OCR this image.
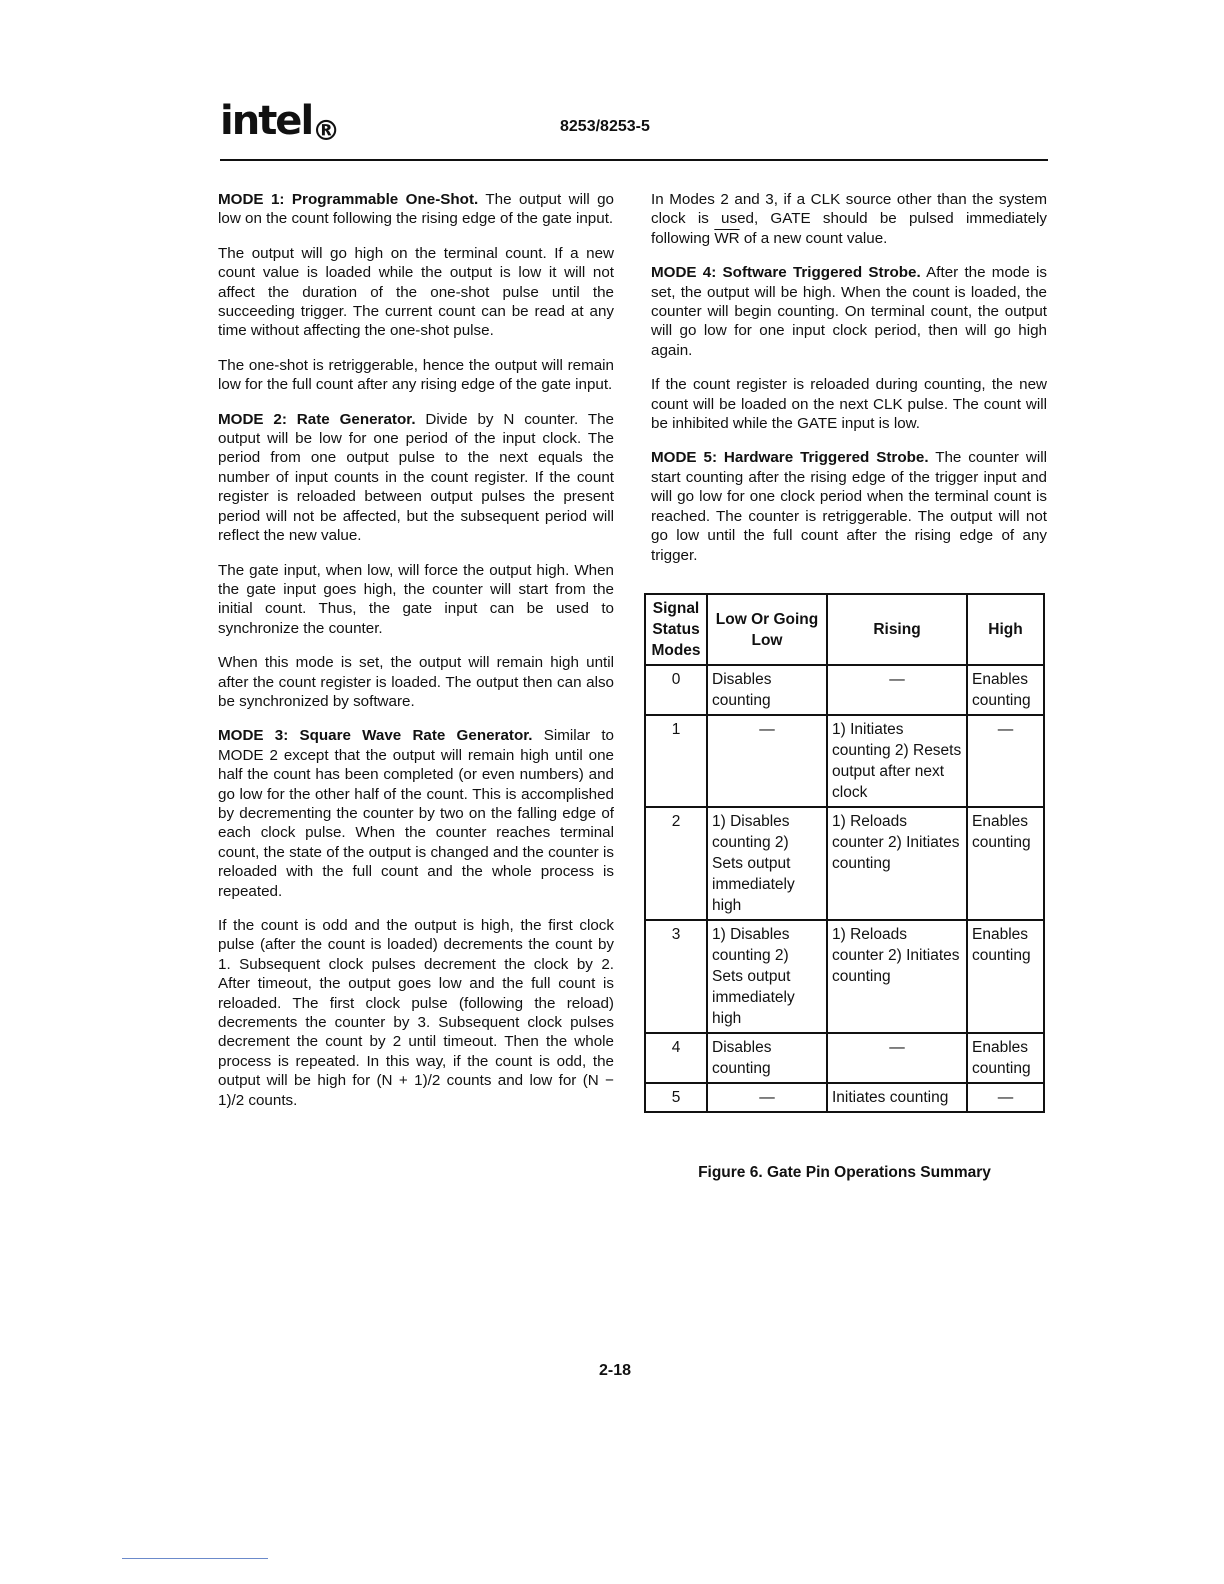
intel®	8253/8253-5

MODE 1: Programmable One-Shot. The output will go low on the count following the rising edge of the gate input.

The output will go high on the terminal count. If a new count value is loaded while the output is low it will not affect the duration of the one-shot pulse until the succeeding trigger. The current count can be read at any time without affecting the one-shot pulse.

The one-shot is retriggerable, hence the output will remain low for the full count after any rising edge of the gate input.

MODE 2: Rate Generator. Divide by N counter. The output will be low for one period of the input clock. The period from one output pulse to the next equals the number of input counts in the count register. If the count register is reloaded between output pulses the present period will not be affected, but the subsequent period will reflect the new value.

The gate input, when low, will force the output high. When the gate input goes high, the counter will start from the initial count. Thus, the gate input can be used to synchronize the counter.

When this mode is set, the output will remain high until after the count register is loaded. The output then can also be synchronized by software.

MODE 3: Square Wave Rate Generator. Similar to MODE 2 except that the output will remain high until one half the count has been completed (or even numbers) and go low for the other half of the count. This is accomplished by decrementing the counter by two on the falling edge of each clock pulse. When the counter reaches terminal count, the state of the output is changed and the counter is reloaded with the full count and the whole process is repeated.

If the count is odd and the output is high, the first clock pulse (after the count is loaded) decrements the count by 1. Subsequent clock pulses decrement the clock by 2. After timeout, the output goes low and the full count is reloaded. The first clock pulse (following the reload) decrements the counter by 3. Subsequent clock pulses decrement the count by 2 until timeout. Then the whole process is repeated. In this way, if the count is odd, the output will be high for (N + 1)/2 counts and low for (N − 1)/2 counts.

In Modes 2 and 3, if a CLK source other than the system clock is used, GATE should be pulsed immediately following $\overline{WR}$ of a new count value.

MODE 4: Software Triggered Strobe. After the mode is set, the output will be high. When the count is loaded, the counter will begin counting. On terminal count, the output will go low for one input clock period, then will go high again.

If the count register is reloaded during counting, the new count will be loaded on the next CLK pulse. The count will be inhibited while the GATE input is low.

MODE 5: Hardware Triggered Strobe. The counter will start counting after the rising edge of the trigger input and will go low for one clock period when the terminal count is reached. The counter is retriggerable. The output will not go low until the full count after the rising edge of any trigger.

Signal Status Modes	Low Or Going Low	Rising	High
0	Disables counting	—	Enables counting
1	—	1) Initiates counting 2) Resets output after next clock	—
2	1) Disables counting 2) Sets output immediately high	1) Reloads counter 2) Initiates counting	Enables counting
3	1) Disables counting 2) Sets output immediately high	1) Reloads counter 2) Initiates counting	Enables counting
4	Disables counting	—	Enables counting
5	—	Initiates counting	—
Figure 6. Gate Pin Operations Summary
2-18
